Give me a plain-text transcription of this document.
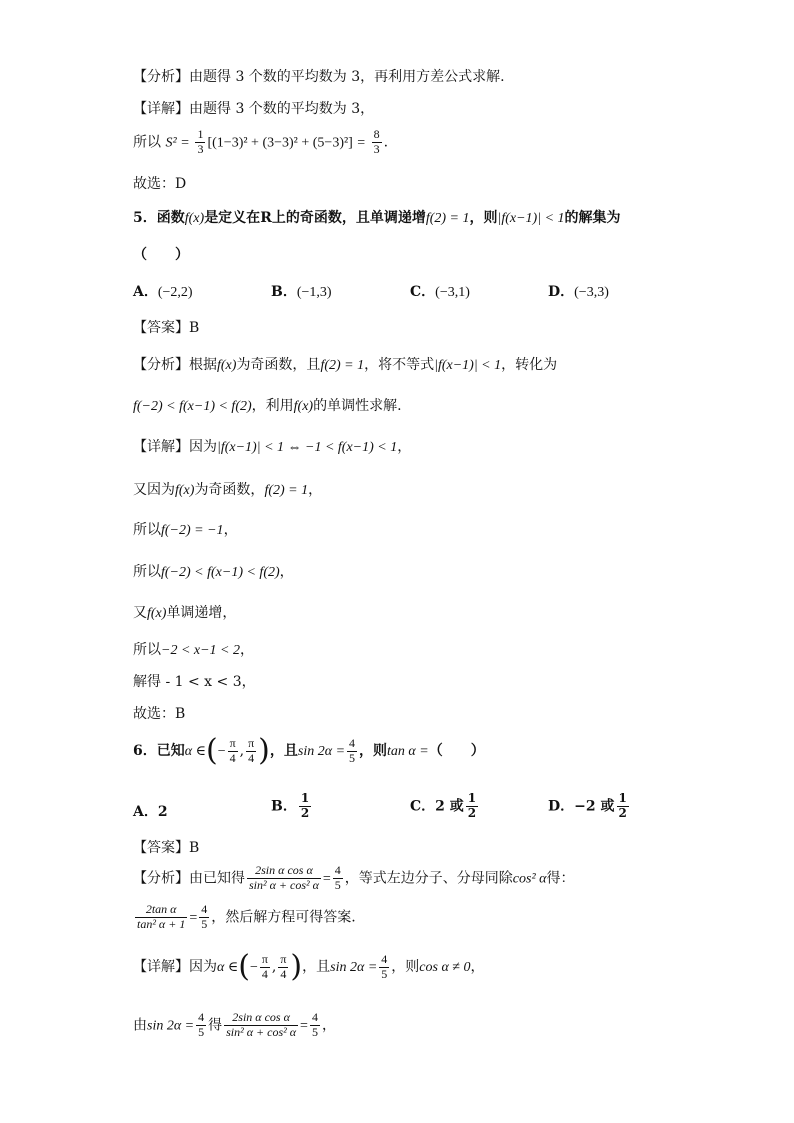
【分析】由题得 3 个数的平均数为 3，再利用方差公式求解.
【详解】由题得 3 个数的平均数为 3，
所以 $S^2 = \frac{1}{3} [(1-3)^2 + (3-3)^2 + (5-3)^2] = \frac{8}{3}$ .
故选：D
5．函数f(x)是定义在R上的奇函数，且单调递增f(2) = 1，则|f(x−1)| < 1的解集为
（　　）
A．(−2,2)	B．(−1,3)	C．(−3,1)	D．(−3,3)
【答案】B
【分析】根据f(x)为奇函数，且f(2) = 1，将不等式|f(x−1)| < 1，转化为
f(−2) < f(x−1) < f(2)，利用f(x)的单调性求解.
【详解】因为|f(x−1)| < 1 ⇔ −1 < f(x−1) < 1，
又因为f(x)为奇函数，f(2) = 1，
所以f(−2) = −1，
所以f(−2) < f(x−1) < f(2)，
又f(x)单调递增，
所以−2 < x−1 < 2，
解得 - 1 < x < 3，
故选：B
6．已知α ∈(− $\frac{\pi}{4}$ , $\frac{\pi}{4}$ )，且$\sin 2\alpha = \frac{4}{5}$ ，则tan α =（　　）
A．2	B． $\frac{1}{2}$	C．2 或 $\frac{1}{2}$	D．−2 或 $\frac{1}{2}$
【答案】B
【分析】由已知得 $\frac{\text{2sin α cos α}}{\text{sin² α + cos² α}} = \frac{4}{5}$ ，等式左边分子、分母同除cos² α得：
$\frac{\text{2tan α}}{\text{tan² α + 1}} = \frac{4}{5}$ ，然后解方程可得答案.
【详解】因为α ∈(− $\frac{\pi}{4}$ , $\frac{\pi}{4}$ )，且$\sin 2\alpha = \frac{4}{5}$ ，则cos α ≠ 0，
由$\sin 2\alpha = \frac{4}{5}$ 得 $\frac{\text{2sin α cos α}}{\text{sin² α + cos² α}} = \frac{4}{5}$ ，
